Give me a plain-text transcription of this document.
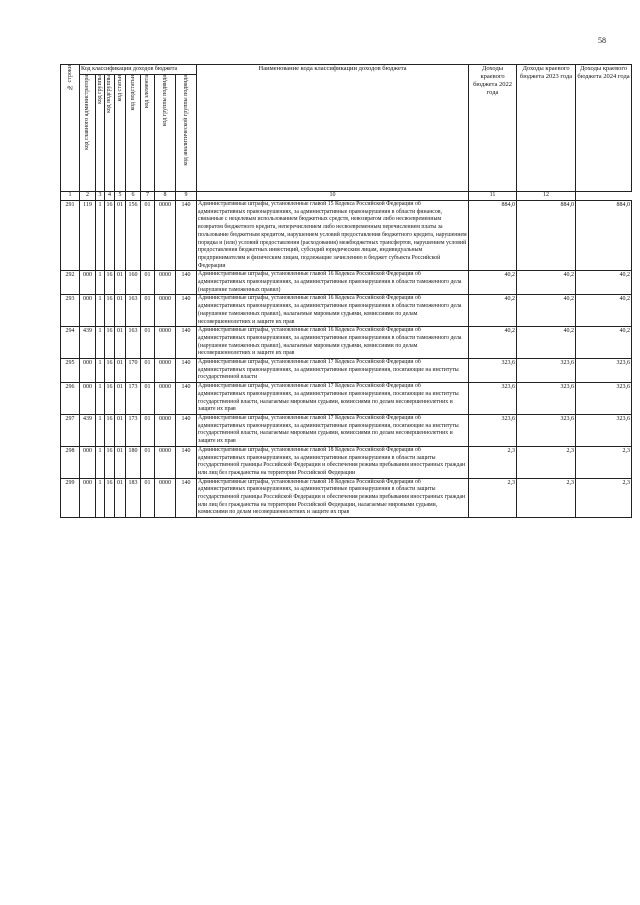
58
№ строки	Код классификации доходов бюджета								Наименование кода классификации доходов бюджета	Доходы краевого бюджета 2022 года	Доходы краевого бюджета 2023 года	Доходы краевого бюджета 2024 года
	код главного администратора	код группы	код подгруппы	код статьи	код подстатьи	код элемента	код группы подвида	код аналитической группы подвида				
1	2	3	4	5	6	7	8	9	10	11	12	
291	119	1	16	01	156	01	0000	140	Административные штрафы, установленные главой 15 Кодекса Российской Федерации об административных правонарушениях, за административные правонарушения в области финансов, связанные с нецелевым использованием бюджетных средств, невозвратом либо несвоевременным возвратом бюджетного кредита, неперечислением либо несвоевременным перечислением платы за пользование бюджетным кредитом, нарушением условий предоставления бюджетного кредита, нарушением порядка и (или) условий предоставления (расходования) межбюджетных трансфертов, нарушением условий предоставления бюджетных инвестиций, субсидий юридическим лицам, индивидуальным предпринимателям и физическим лицам, подлежащие зачислению в бюджет субъекта Российской Федерации	884,0	884,0	884,0
292	000	1	16	01	160	01	0000	140	Административные штрафы, установленные главой 16 Кодекса Российской Федерации об административных правонарушениях, за административные правонарушения в области таможенного дела (нарушение таможенных правил)	40,2	40,2	40,2
293	000	1	16	01	163	01	0000	140	Административные штрафы, установленные главой 16 Кодекса Российской Федерации об административных правонарушениях, за административные правонарушения в области таможенного дела (нарушение таможенных правил), налагаемые мировыми судьями, комиссиями по делам несовершеннолетних и защите их прав	40,2	40,2	40,2
294	439	1	16	01	163	01	0000	140	Административные штрафы, установленные главой 16 Кодекса Российской Федерации об административных правонарушениях, за административные правонарушения в области таможенного дела (нарушение таможенных правил), налагаемые мировыми судьями, комиссиями по делам несовершеннолетних и защите их прав	40,2	40,2	40,2
295	000	1	16	01	170	01	0000	140	Административные штрафы, установленные главой 17 Кодекса Российской Федерации об административных правонарушениях, за административные правонарушения, посягающие на институты государственной власти	323,6	323,6	323,6
296	000	1	16	01	173	01	0000	140	Административные штрафы, установленные главой 17 Кодекса Российской Федерации об административных правонарушениях, за административные правонарушения, посягающие на институты государственной власти, налагаемые мировыми судьями, комиссиями по делам несовершеннолетних и защите их прав	323,6	323,6	323,6
297	439	1	16	01	173	01	0000	140	Административные штрафы, установленные главой 17 Кодекса Российской Федерации об административных правонарушениях, за административные правонарушения, посягающие на институты государственной власти, налагаемые мировыми судьями, комиссиями по делам несовершеннолетних и защите их прав	323,6	323,6	323,6
298	000	1	16	01	180	01	0000	140	Административные штрафы, установленные главой 18 Кодекса Российской Федерации об административных правонарушениях, за административные правонарушения в области защиты государственной границы Российской Федерации и обеспечения режима пребывания иностранных граждан или лиц без гражданства на территории Российской Федерации	2,3	2,3	2,3
299	000	1	16	01	183	01	0000	140	Административные штрафы, установленные главой 18 Кодекса Российской Федерации об административных правонарушениях, за административные правонарушения в области защиты государственной границы Российской Федерации и обеспечения режима пребывания иностранных граждан или лиц без гражданства на территории Российской Федерации, налагаемые мировыми судьями, комиссиями по делам несовершеннолетних и защите их прав	2,3	2,3	2,3
